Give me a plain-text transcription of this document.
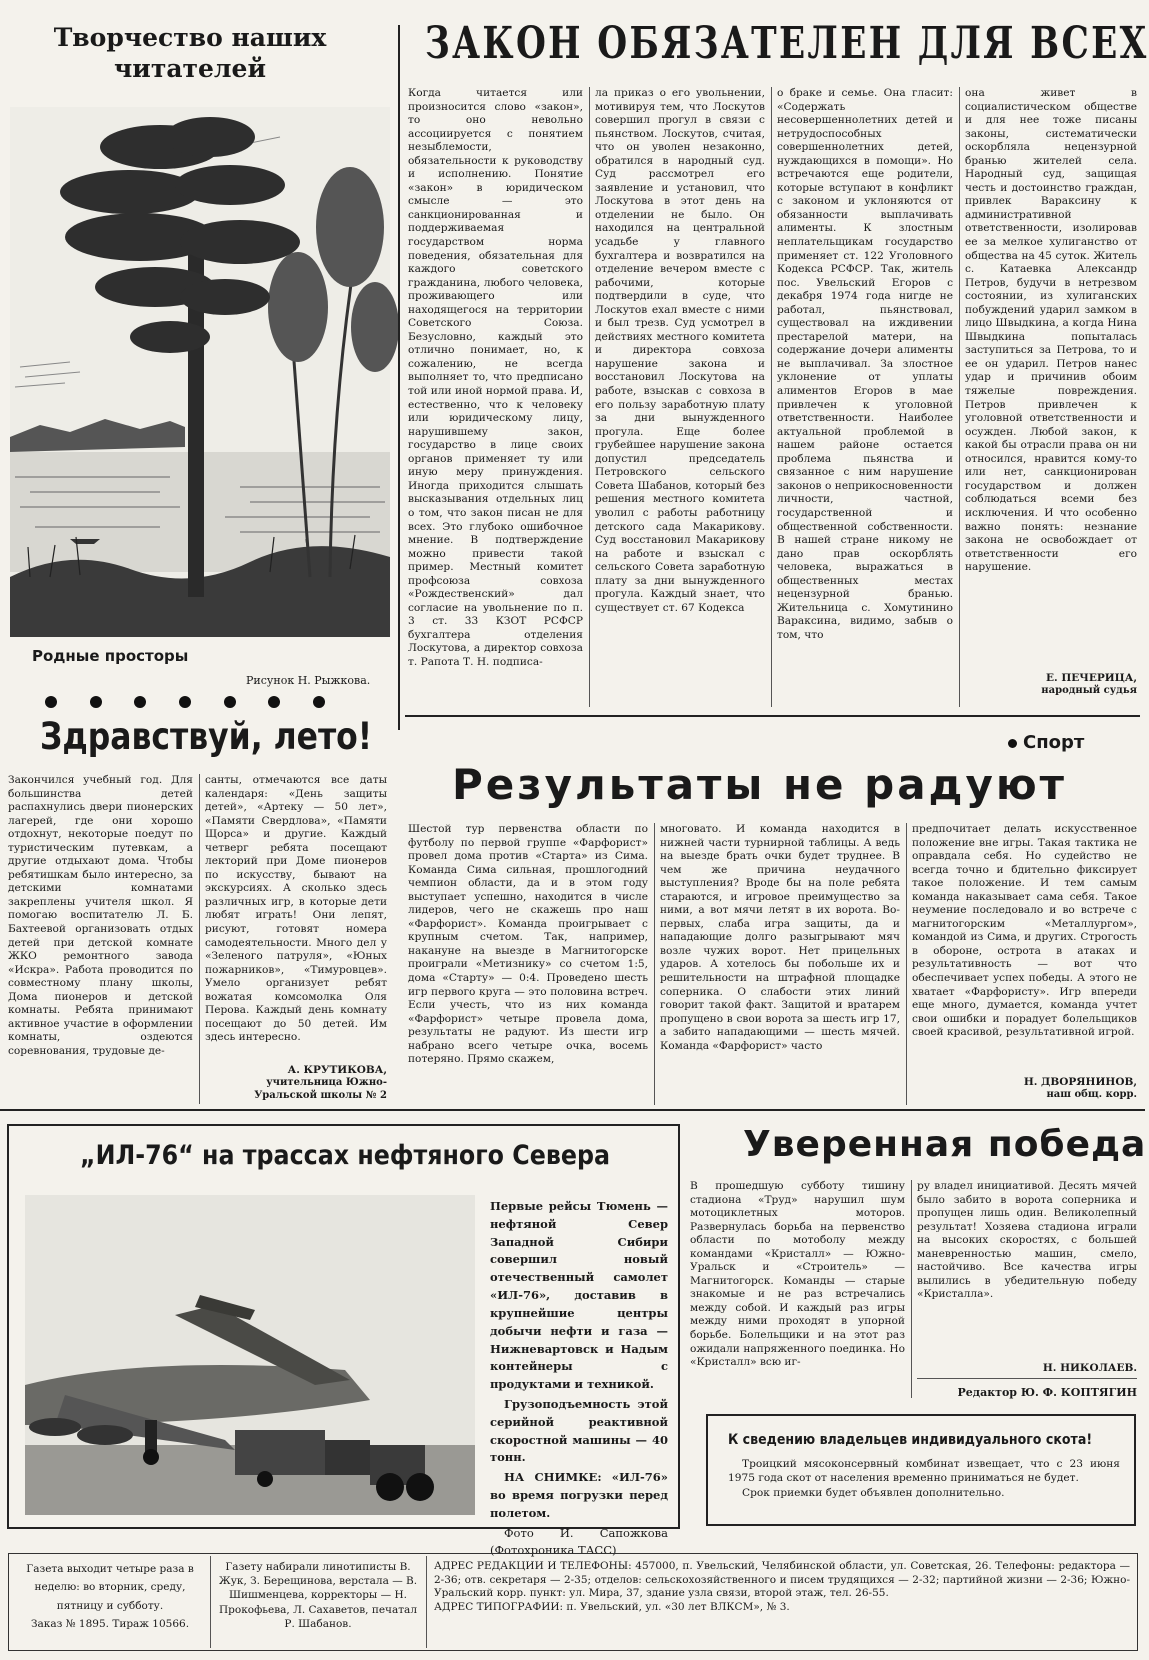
Творчество наших
читателей
Родные просторы
Рисунок Н. Рыжкова.
Здравствуй, лето!
Закончился учебный год. Для большинства детей распахнулись двери пионерских лагерей, где они хорошо отдохнут, некоторые поедут по туристическим путевкам, а другие отдыхают дома. Чтобы ребятишкам было интересно, за детскими комнатами закреплены учителя школ. Я помогаю воспитателю Л. Б. Бахтеевой организовать отдых детей при детской комнате ЖКО ремонтного завода «Искра». Работа проводится по совместному плану школы, Дома пионеров и детской комнаты. Ребята принимают активное участие в оформлении комнаты, оздеются соревнования, трудовые де-
санты, отмечаются все даты календаря: «День защиты детей», «Артеку — 50 лет», «Памяти Свердлова», «Памяти Щорса» и другие. Каждый четверг ребята посещают лекторий при Доме пионеров по искусству, бывают на экскурсиях. А сколько здесь различных игр, в которые дети любят играть! Они лепят, рисуют, готовят номера самодеятельности. Много дел у «Зеленого патруля», «Юных пожарников», «Тимуровцев». Умело организует ребят вожатая комсомолка Оля Перова. Каждый день комнату посещают до 50 детей. Им здесь интересно.
А. КРУТИКОВА,
учительница Южно-Уральской школы № 2
ЗАКОН ОБЯЗАТЕЛЕН ДЛЯ ВСЕХ
Когда читается или произносится слово «закон», то оно невольно ассоциируется с понятием незыблемости, обязательности к руководству и исполнению. Понятие «закон» в юридическом смысле — это санкционированная и поддерживаемая государством норма поведения, обязательная для каждого советского гражданина, любого человека, проживающего или находящегося на территории Советского Союза. Безусловно, каждый это отлично понимает, но, к сожалению, не всегда выполняет то, что предписано той или иной нормой права. И, естественно, что к человеку или юридическому лицу, нарушившему закон, государство в лице своих органов применяет ту или иную меру принуждения. Иногда приходится слышать высказывания отдельных лиц о том, что закон писан не для всех. Это глубоко ошибочное мнение. В подтверждение можно привести такой пример. Местный комитет профсоюза совхоза «Рождественский» дал согласие на увольнение по п. 3 ст. 33 КЗОТ РСФСР бухгалтера отделения Лоскутова, а директор совхоза т. Рапота Т. Н. подписа-
ла приказ о его увольнении, мотивируя тем, что Лоскутов совершил прогул в связи с пьянством. Лоскутов, считая, что он уволен незаконно, обратился в народный суд. Суд рассмотрел его заявление и установил, что Лоскутова в этот день на отделении не было. Он находился на центральной усадьбе у главного бухгалтера и возвратился на отделение вечером вместе с рабочими, которые подтвердили в суде, что Лоскутов ехал вместе с ними и был трезв. Суд усмотрел в действиях местного комитета и директора совхоза нарушение закона и восстановил Лоскутова на работе, взыскав с совхоза в его пользу заработную плату за дни вынужденного прогула. Еще более грубейшее нарушение закона допустил председатель Петровского сельского Совета Шабанов, который без решения местного комитета уволил с работы работницу детского сада Макарикову. Суд восстановил Макарикову на работе и взыскал с сельского Совета заработную плату за дни вынужденного прогула. Каждый знает, что существует ст. 67 Кодекса
о браке и семье. Она гласит: «Содержать несовершеннолетних детей и нетрудоспособных совершеннолетних детей, нуждающихся в помощи». Но встречаются еще родители, которые вступают в конфликт с законом и уклоняются от обязанности выплачивать алименты. К злостным неплательщикам государство применяет ст. 122 Уголовного Кодекса РСФСР. Так, житель пос. Увельский Егоров с декабря 1974 года нигде не работал, пьянствовал, существовал на иждивении престарелой матери, на содержание дочери алименты не выплачивал. За злостное уклонение от уплаты алиментов Егоров в мае привлечен к уголовной ответственности. Наиболее актуальной проблемой в нашем районе остается проблема пьянства и связанное с ним нарушение законов о неприкосновенности личности, частной, государственной и общественной собственности. В нашей стране никому не дано прав оскорблять человека, выражаться в общественных местах нецензурной бранью. Жительница с. Хомутинино Варакcина, видимо, забыв о том, что
она живет в социалистическом обществе и для нее тоже писаны законы, систематически оскорбляла нецензурной бранью жителей села. Народный суд, защищая честь и достоинство граждан, привлек Варакcину к административной ответственности, изолировав ее за мелкое хулиганство от общества на 45 суток. Житель с. Катаевка Александр Петров, будучи в нетрезвом состоянии, из хулиганских побуждений ударил замком в лицо Швыдкина, а когда Нина Швыдкина попыталась заступиться за Петрова, то и ее он ударил. Петров нанес удар и причинив обоим тяжелые повреждения. Петров привлечен к уголовной ответственности и осужден. Любой закон, к какой бы отрасли права он ни относился, нравится кому-то или нет, санкционирован государством и должен соблюдаться всеми без исключения. И что особенно важно понять: незнание закона не освобождает от ответственности его нарушение.
Е. ПЕЧЕРИЦА,
народный судья
Спорт
Результаты не радуют
Шестой тур первенства области по футболу по первой группе «Фарфорист» провел дома против «Старта» из Сима. Команда Сима сильная, прошлогодний чемпион области, да и в этом году выступает успешно, находится в числе лидеров, чего не скажешь про наш «Фарфорист». Команда проигрывает с крупным счетом. Так, например, накануне на выезде в Магнитогорске проиграли «Метизнику» со счетом 1:5, дома «Старту» — 0:4. Проведено шесть игр первого круга — это половина встреч. Если учесть, что из них команда «Фарфорист» четыре провела дома, результаты не радуют. Из шести игр набрано всего четыре очка, восемь потеряно. Прямо скажем,
многовато. И команда находится в нижней части турнирной таблицы. А ведь на выезде брать очки будет труднее. В чем же причина неудачного выступления? Вроде бы на поле ребята стараются, и игровое преимущество за ними, а вот мячи летят в их ворота. Во-первых, слаба игра защиты, да и нападающие долго разыгрывают мяч возле чужих ворот. Нет прицельных ударов. А хотелось бы побольше их и решительности на штрафной площадке соперника. О слабости этих линий говорит такой факт. Защитой и вратарем пропущено в свои ворота за шесть игр 17, а забито нападающими — шесть мячей. Команда «Фарфорист» часто
предпочитает делать искусственное положение вне игры. Такая тактика не оправдала себя. Но судейство не всегда точно и бдительно фиксирует такое положение. И тем самым команда наказывает сама себя. Такое неумение последовало и во встрече с магнитогорским «Металлургом», командой из Сима, и других. Строгость в обороне, острота в атаках и результативность — вот что обеспечивает успех победы. А этого не хватает «Фарфористу». Игр впереди еще много, думается, команда учтет свои ошибки и порадует болельщиков своей красивой, результативной игрой.
Н. ДВОРЯНИНОВ,
наш общ. корр.
„ИЛ-76“ на трассах нефтяного Севера

Первые рейсы Тюмень — нефтяной Север Западной Сибири совершил новый отечественный самолет «ИЛ-76», доставив в крупнейшие центры добычи нефти и газа — Нижневартовск и Надым контейнеры с продуктами и техникой.

Грузоподъемность этой серийной реактивной скоростной машины — 40 тонн.

НА СНИМКЕ: «ИЛ-76» во время погрузки перед полетом.

Фото И. Сапожкова (Фотохроника ТАСС)

Уверенная победа
В прошедшую субботу тишину стадиона «Труд» нарушил шум мотоциклетных моторов. Развернулась борьба на первенство области по мотоболу между командами «Кристалл» — Южно-Уральск и «Строитель» — Магнитогорск. Команды — старые знакомые и не раз встречались между собой. И каждый раз игры между ними проходят в упорной борьбе. Болельщики и на этот раз ожидали напряженного поединка. Но «Кристалл» всю иг-
ру владел инициативой. Десять мячей было забито в ворота соперника и пропущен лишь один. Великолепный результат! Хозяева стадиона играли на высоких скоростях, с большей маневренностью машин, смело, настойчиво. Все качества игры вылились в убедительную победу «Кристалла».
Н. НИКОЛАЕВ.
Редактор Ю. Ф. КОПТЯГИН
К сведению владельцев индивидуального скота!

Троицкий мясоконсервный комбинат извещает, что с 23 июня 1975 года скот от населения временно приниматься не будет.

Срок приемки будет объявлен дополнительно.

Газета выходит четыре раза в неделю: во вторник, среду, пятницу и субботу.
Заказ № 1895. Тираж 10566.
Газету набирали линотиписты В. Жук, З. Берещинова, верстала — В. Шишменцева, корректоры — Н. Прокофьева, Л. Сахаветов, печатал Р. Шабанов.
АДРЕС РЕДАКЦИИ И ТЕЛЕФОНЫ: 457000, п. Увельский, Челябинской области, ул. Советская, 26. Телефоны: редактора — 2-36; отв. секретаря — 2-35; отделов: сельскохозяйственного и писем трудящихся — 2-32; партийной жизни — 2-36; Южно-Уральский корр. пункт: ул. Мира, 37, здание узла связи, второй этаж, тел. 26-55.
АДРЕС ТИПОГРАФИИ: п. Увельский, ул. «30 лет ВЛКСМ», № 3.
